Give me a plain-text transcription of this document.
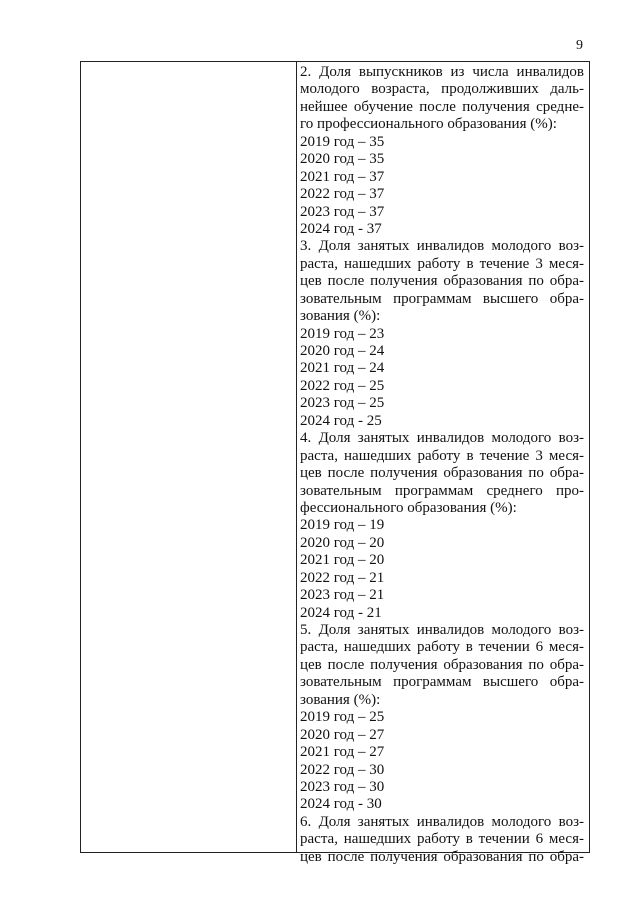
9
2. Доля выпускников из числа инвалидов
молодого возраста, продолживших даль-
нейшее обучение после получения средне-
го профессионального образования (%):
2019 год – 35
2020 год – 35
2021 год – 37
2022 год – 37
2023 год – 37
2024 год - 37
3. Доля занятых инвалидов молодого воз-
раста, нашедших работу в течение 3 меся-
цев после получения образования по обра-
зовательным программам высшего обра-
зования (%):
2019 год – 23
2020 год – 24
2021 год – 24
2022 год – 25
2023 год – 25
2024 год - 25
4. Доля занятых инвалидов молодого воз-
раста, нашедших работу в течение 3 меся-
цев после получения образования по обра-
зовательным программам среднего про-
фессионального образования (%):
2019 год – 19
2020 год – 20
2021 год – 20
2022 год – 21
2023 год – 21
2024 год - 21
5. Доля занятых инвалидов молодого воз-
раста, нашедших работу в течении 6 меся-
цев после получения образования по обра-
зовательным программам высшего обра-
зования (%):
2019 год – 25
2020 год – 27
2021 год – 27
2022 год – 30
2023 год – 30
2024 год - 30
6. Доля занятых инвалидов молодого воз-
раста, нашедших работу в течении 6 меся-
цев после получения образования по обра-
